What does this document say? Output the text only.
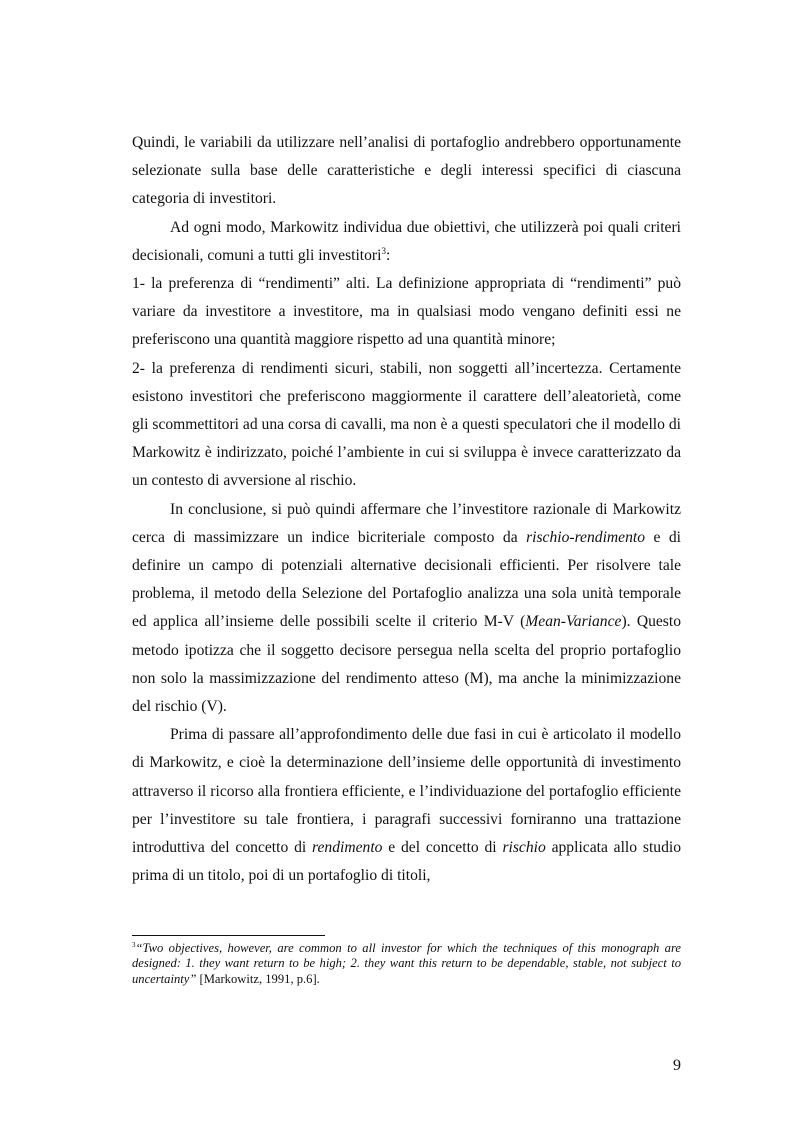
Quindi, le variabili da utilizzare nell’analisi di portafoglio andrebbero opportunamente selezionate sulla base delle caratteristiche e degli interessi specifici di ciascuna categoria di investitori.

Ad ogni modo, Markowitz individua due obiettivi, che utilizzerà poi quali criteri decisionali, comuni a tutti gli investitori$^3$:

1- la preferenza di “rendimenti” alti. La definizione appropriata di “rendimenti” può variare da investitore a investitore, ma in qualsiasi modo vengano definiti essi ne preferiscono una quantità maggiore rispetto ad una quantità minore;

2- la preferenza di rendimenti sicuri, stabili, non soggetti all’incertezza. Certamente esistono investitori che preferiscono maggiormente il carattere dell’aleatorietà, come gli scommettitori ad una corsa di cavalli, ma non è a questi speculatori che il modello di Markowitz è indirizzato, poiché l’ambiente in cui si sviluppa è invece caratterizzato da un contesto di avversione al rischio.

In conclusione, si può quindi affermare che l’investitore razionale di Markowitz cerca di massimizzare un indice bicriteriale composto da rischio-rendimento e di definire un campo di potenziali alternative decisionali efficienti. Per risolvere tale problema, il metodo della Selezione del Portafoglio analizza una sola unità temporale ed applica all’insieme delle possibili scelte il criterio M-V (Mean-Variance). Questo metodo ipotizza che il soggetto decisore persegua nella scelta del proprio portafoglio non solo la massimizzazione del rendimento atteso (M), ma anche la minimizzazione del rischio (V).

Prima di passare all’approfondimento delle due fasi in cui è articolato il modello di Markowitz, e cioè la determinazione dell’insieme delle opportunità di investimento attraverso il ricorso alla frontiera efficiente, e l’individuazione del portafoglio efficiente per l’investitore su tale frontiera, i paragrafi successivi forniranno una trattazione introduttiva del concetto di rendimento e del concetto di rischio applicata allo studio prima di un titolo, poi di un portafoglio di titoli,

$^3$“Two objectives, however, are common to all investor for which the techniques of this monograph are designed: 1. they want return to be high; 2. they want this return to be dependable, stable, not subject to uncertainty” [Markowitz, 1991, p.6].
9
